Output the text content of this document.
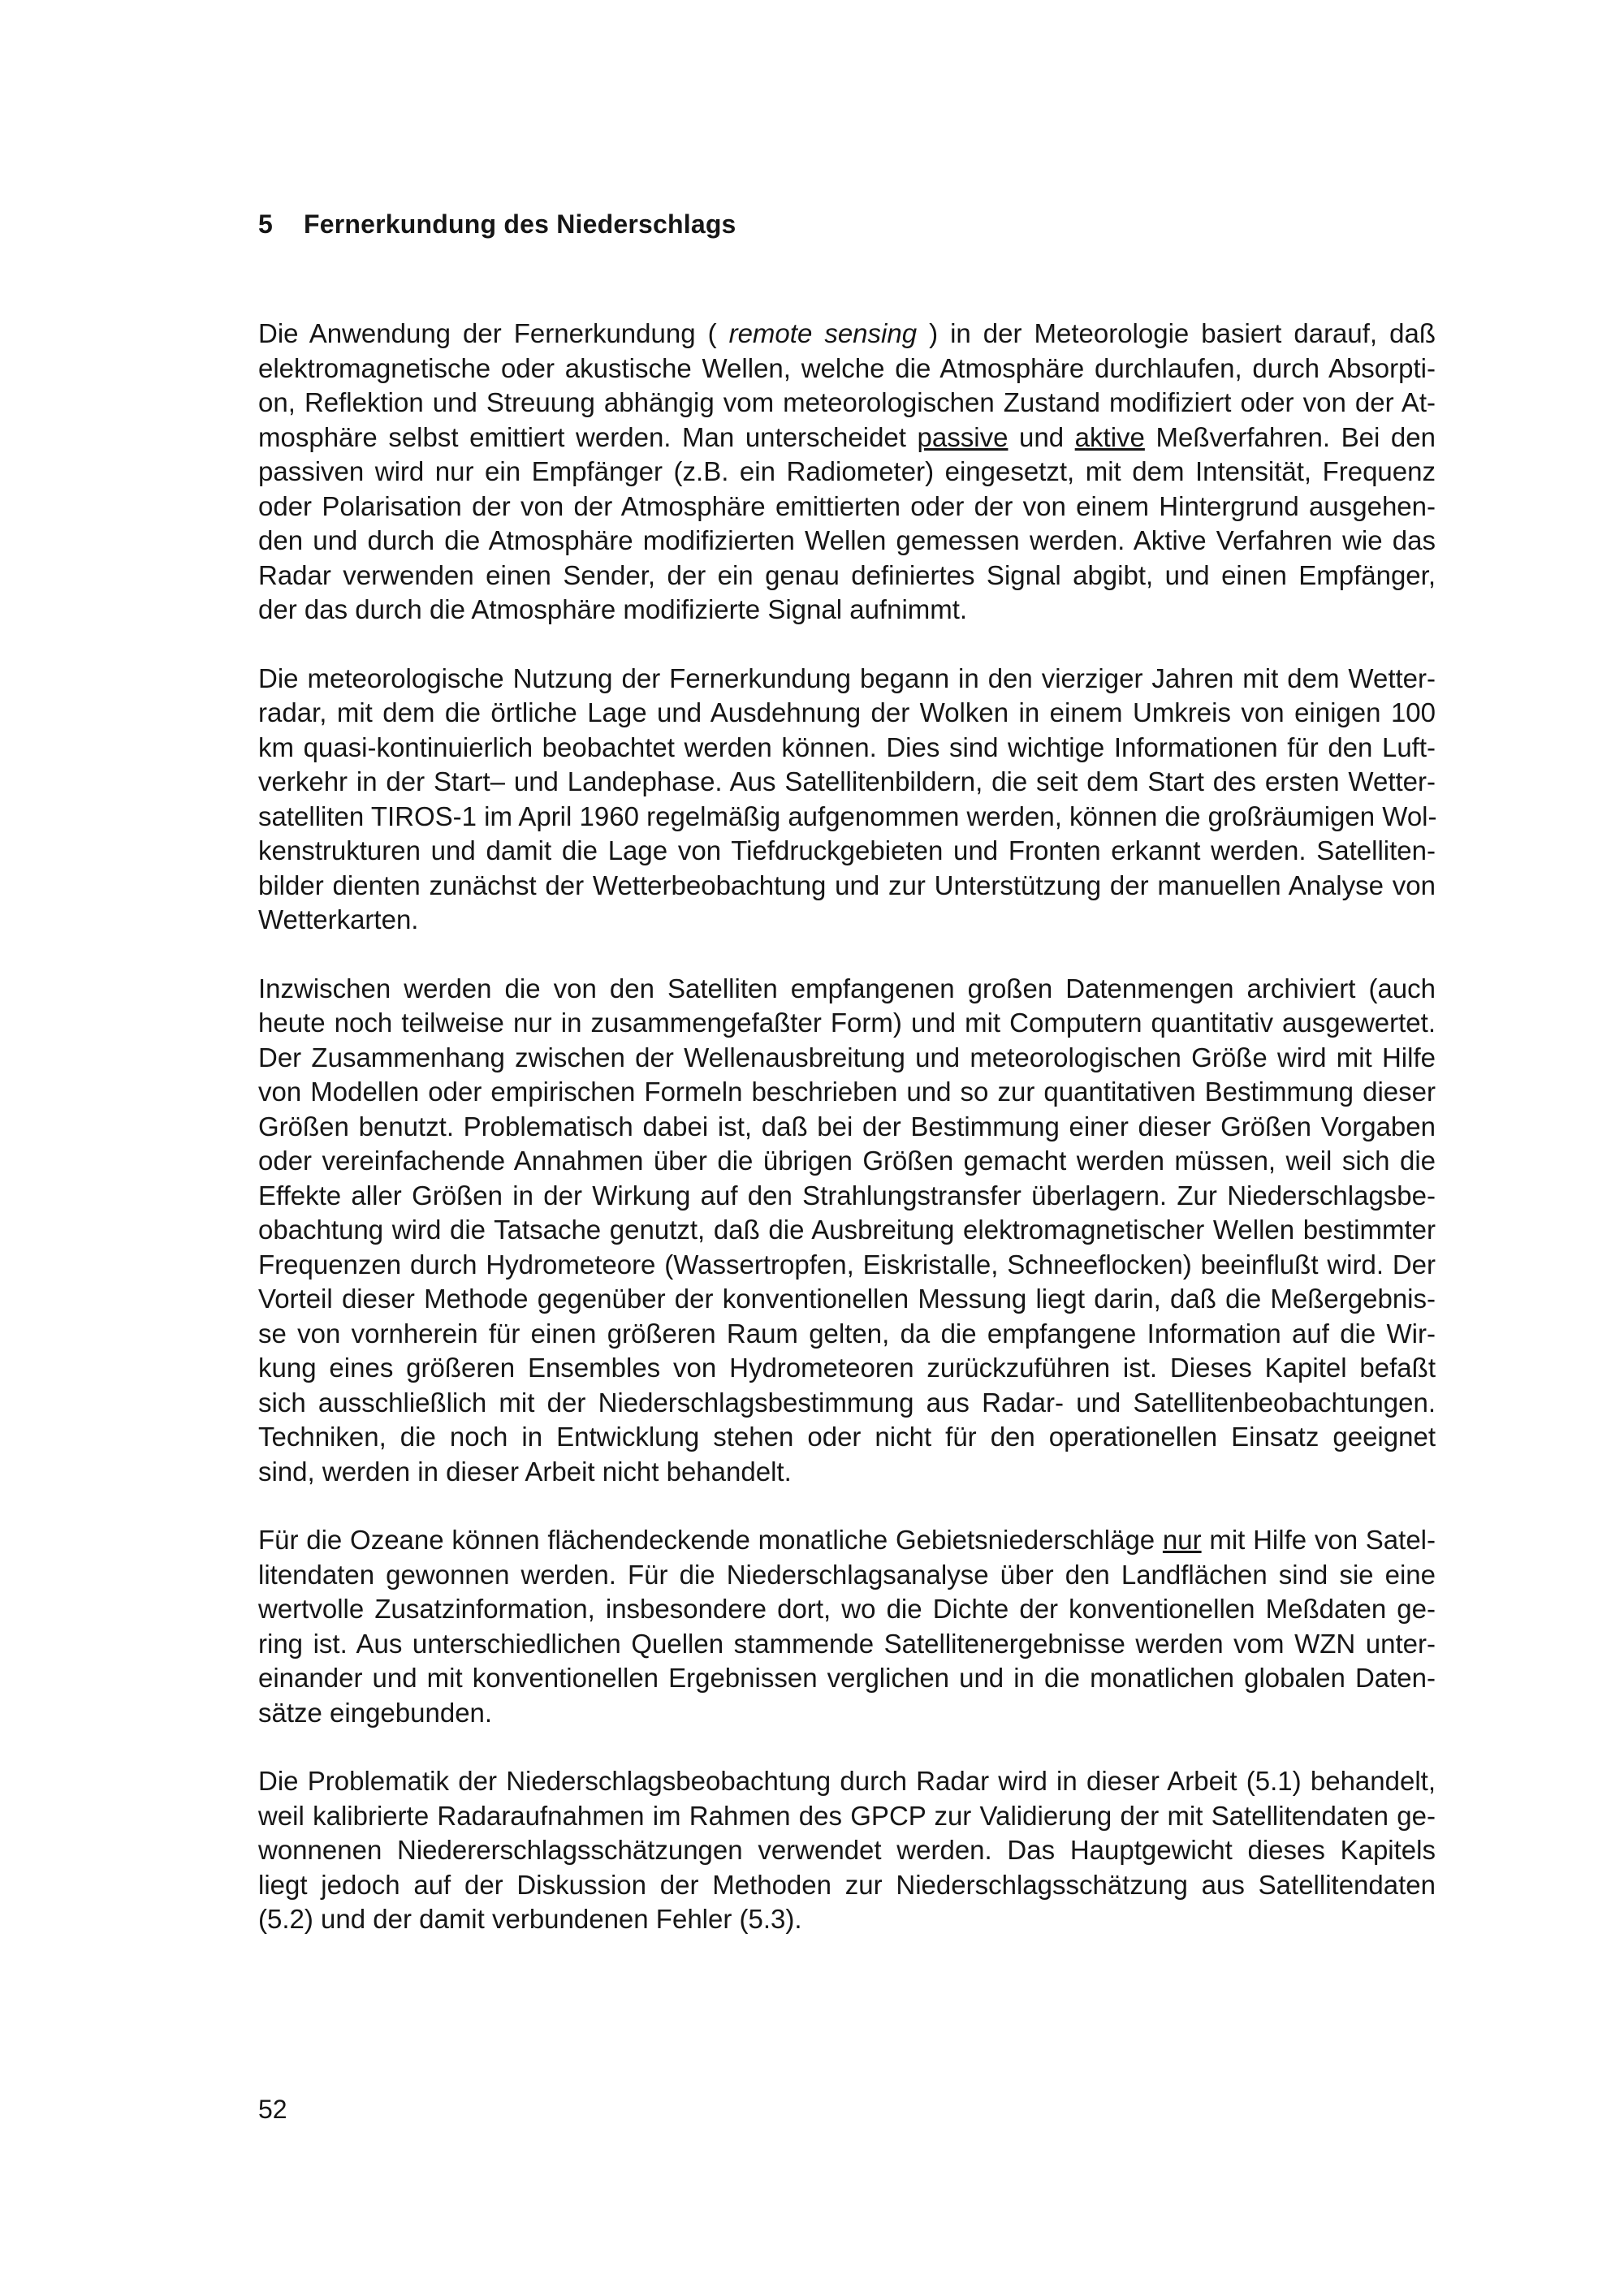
5 Fernerkundung des Niederschlags

Die Anwendung der Fernerkundung ( remote sensing ) in der Meteorologie basiert darauf, daß
elektromagnetische oder akustische Wellen, welche die Atmosphäre durchlaufen, durch Absorpti-
on, Reflektion und Streuung abhängig vom meteorologischen Zustand modifiziert oder von der At-
mosphäre selbst emittiert werden. Man unterscheidet passive und aktive Meßverfahren. Bei den
passiven wird nur ein Empfänger (z.B. ein Radiometer) eingesetzt, mit dem Intensität, Frequenz
oder Polarisation der von der Atmosphäre emittierten oder der von einem Hintergrund ausgehen-
den und durch die Atmosphäre modifizierten Wellen gemessen werden. Aktive Verfahren wie das
Radar verwenden einen Sender, der ein genau definiertes Signal abgibt, und einen Empfänger,
der das durch die Atmosphäre modifizierte Signal aufnimmt.

Die meteorologische Nutzung der Fernerkundung begann in den vierziger Jahren mit dem Wetter-
radar, mit dem die örtliche Lage und Ausdehnung der Wolken in einem Umkreis von einigen 100
km quasi-kontinuierlich beobachtet werden können. Dies sind wichtige Informationen für den Luft-
verkehr in der Start– und Landephase. Aus Satellitenbildern, die seit dem Start des ersten Wetter-
satelliten TIROS-1 im April 1960 regelmäßig aufgenommen werden, können die großräumigen Wol-
kenstrukturen und damit die Lage von Tiefdruckgebieten und Fronten erkannt werden. Satelliten-
bilder dienten zunächst der Wetterbeobachtung und zur Unterstützung der manuellen Analyse von
Wetterkarten.

Inzwischen werden die von den Satelliten empfangenen großen Datenmengen archiviert (auch
heute noch teilweise nur in zusammengefaßter Form) und mit Computern quantitativ ausgewertet.
Der Zusammenhang zwischen der Wellenausbreitung und meteorologischen Größe wird mit Hilfe
von Modellen oder empirischen Formeln beschrieben und so zur quantitativen Bestimmung dieser
Größen benutzt. Problematisch dabei ist, daß bei der Bestimmung einer dieser Größen Vorgaben
oder vereinfachende Annahmen über die übrigen Größen gemacht werden müssen, weil sich die
Effekte aller Größen in der Wirkung auf den Strahlungstransfer überlagern. Zur Niederschlagsbe-
obachtung wird die Tatsache genutzt, daß die Ausbreitung elektromagnetischer Wellen bestimmter
Frequenzen durch Hydrometeore (Wassertropfen, Eiskristalle, Schneeflocken) beeinflußt wird. Der
Vorteil dieser Methode gegenüber der konventionellen Messung liegt darin, daß die Meßergebnis-
se von vornherein für einen größeren Raum gelten, da die empfangene Information auf die Wir-
kung eines größeren Ensembles von Hydrometeoren zurückzuführen ist. Dieses Kapitel befaßt
sich ausschließlich mit der Niederschlagsbestimmung aus Radar- und Satellitenbeobachtungen.
Techniken, die noch in Entwicklung stehen oder nicht für den operationellen Einsatz geeignet
sind, werden in dieser Arbeit nicht behandelt.

Für die Ozeane können flächendeckende monatliche Gebietsniederschläge nur mit Hilfe von Satel-
litendaten gewonnen werden. Für die Niederschlagsanalyse über den Landflächen sind sie eine
wertvolle Zusatzinformation, insbesondere dort, wo die Dichte der konventionellen Meßdaten ge-
ring ist. Aus unterschiedlichen Quellen stammende Satellitenergebnisse werden vom WZN unter-
einander und mit konventionellen Ergebnissen verglichen und in die monatlichen globalen Daten-
sätze eingebunden.

Die Problematik der Niederschlagsbeobachtung durch Radar wird in dieser Arbeit (5.1) behandelt,
weil kalibrierte Radaraufnahmen im Rahmen des GPCP zur Validierung der mit Satellitendaten ge-
wonnenen Niedererschlagsschätzungen verwendet werden. Das Hauptgewicht dieses Kapitels
liegt jedoch auf der Diskussion der Methoden zur Niederschlagsschätzung aus Satellitendaten
(5.2) und der damit verbundenen Fehler (5.3).

52
